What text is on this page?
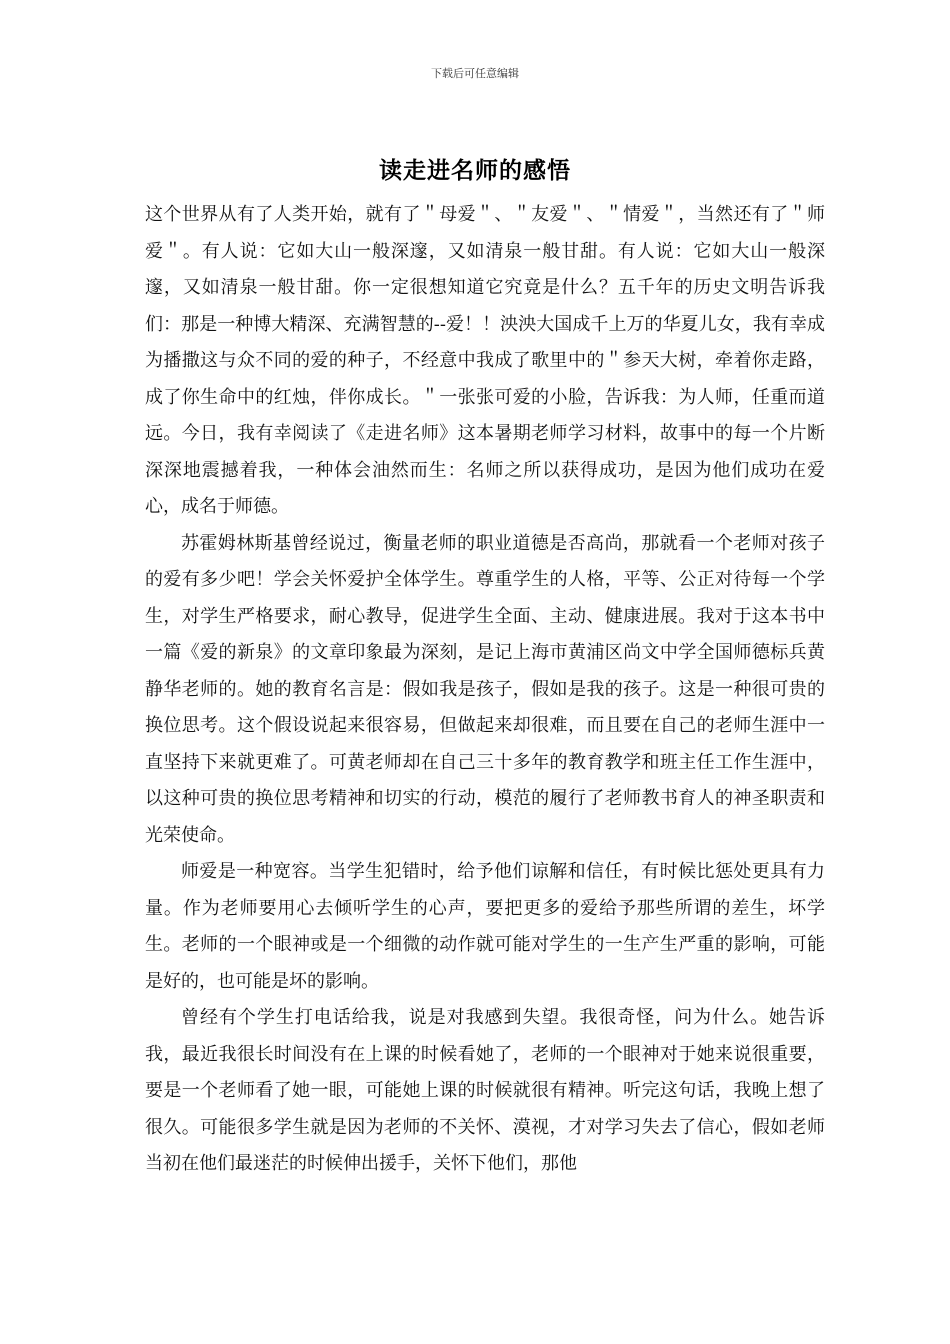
下载后可任意编辑
读走进名师的感悟

这个世界从有了人类开始，就有了＂母爱＂、＂友爱＂、＂情爱＂，当然还有了＂师爱＂。有人说：它如大山一般深邃，又如清泉一般甘甜。有人说：它如大山一般深邃，又如清泉一般甘甜。你一定很想知道它究竟是什么？五千年的历史文明告诉我们：那是一种博大精深、充满智慧的--爱！！泱泱大国成千上万的华夏儿女，我有幸成为播撒这与众不同的爱的种子，不经意中我成了歌里中的＂参天大树，牵着你走路，成了你生命中的红烛，伴你成长。＂一张张可爱的小脸，告诉我：为人师，任重而道远。今日，我有幸阅读了《走进名师》这本暑期老师学习材料，故事中的每一个片断深深地震撼着我，一种体会油然而生：名师之所以获得成功，是因为他们成功在爱心，成名于师德。

苏霍姆林斯基曾经说过，衡量老师的职业道德是否高尚，那就看一个老师对孩子的爱有多少吧！学会关怀爱护全体学生。尊重学生的人格，平等、公正对待每一个学生，对学生严格要求，耐心教导，促进学生全面、主动、健康进展。我对于这本书中一篇《爱的新泉》的文章印象最为深刻，是记上海市黄浦区尚文中学全国师德标兵黄静华老师的。她的教育名言是：假如我是孩子，假如是我的孩子。这是一种很可贵的换位思考。这个假设说起来很容易，但做起来却很难，而且要在自己的老师生涯中一直坚持下来就更难了。可黄老师却在自己三十多年的教育教学和班主任工作生涯中，以这种可贵的换位思考精神和切实的行动，模范的履行了老师教书育人的神圣职责和光荣使命。

师爱是一种宽容。当学生犯错时，给予他们谅解和信任，有时候比惩处更具有力量。作为老师要用心去倾听学生的心声，要把更多的爱给予那些所谓的差生，坏学生。老师的一个眼神或是一个细微的动作就可能对学生的一生产生严重的影响，可能是好的，也可能是坏的影响。

曾经有个学生打电话给我，说是对我感到失望。我很奇怪，问为什么。她告诉我，最近我很长时间没有在上课的时候看她了，老师的一个眼神对于她来说很重要，要是一个老师看了她一眼，可能她上课的时候就很有精神。听完这句话，我晚上想了很久。可能很多学生就是因为老师的不关怀、漠视，才对学习失去了信心，假如老师当初在他们最迷茫的时候伸出援手，关怀下他们，那他
